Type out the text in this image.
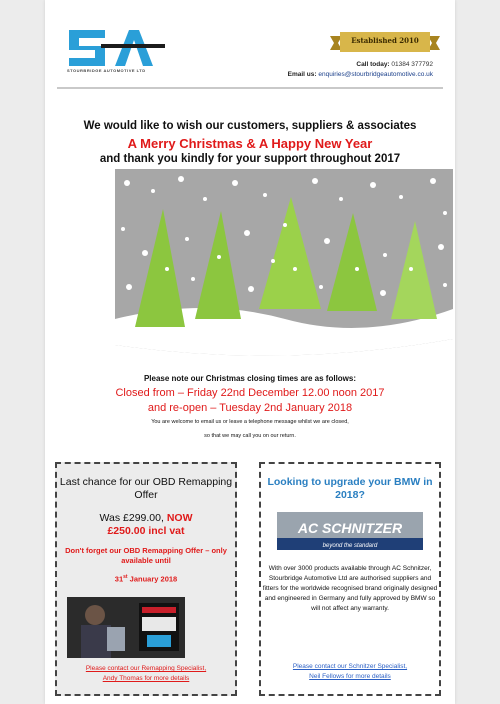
STOURBRIDGE AUTOMOTIVE LTD
Established 2010
Call today: 01384 377792
Email us: enquiries@stourbridgeautomotive.co.uk
We would like to wish our customers, suppliers & associates
A Merry Christmas & A Happy New Year
and thank you kindly for your support throughout 2017
Please note our Christmas closing times are as follows:
Closed from – Friday 22nd December 12.00 noon 2017
and re-open – Tuesday 2nd January 2018
You are welcome to email us or leave a telephone message whilst we are closed,
so that we may call you on our return.
Last chance for our OBD Remapping Offer
Was £299.00, NOW
£250.00 incl vat
Don't forget our OBD Remapping Offer – only available until
31st January 2018
Please contact our Remapping Specialist,
Andy Thomas for more details
Looking to upgrade your BMW in 2018?
AC SCHNITZER
beyond the standard
With over 3000 products available through AC Schnitzer, Stourbridge Automotive Ltd are authorised suppliers and fitters for the worldwide recognised brand originally designed and engineered in Germany and fully approved by BMW so will not affect any warranty.
Please contact our Schnitzer Specialist,
Neil Fellows for more details
